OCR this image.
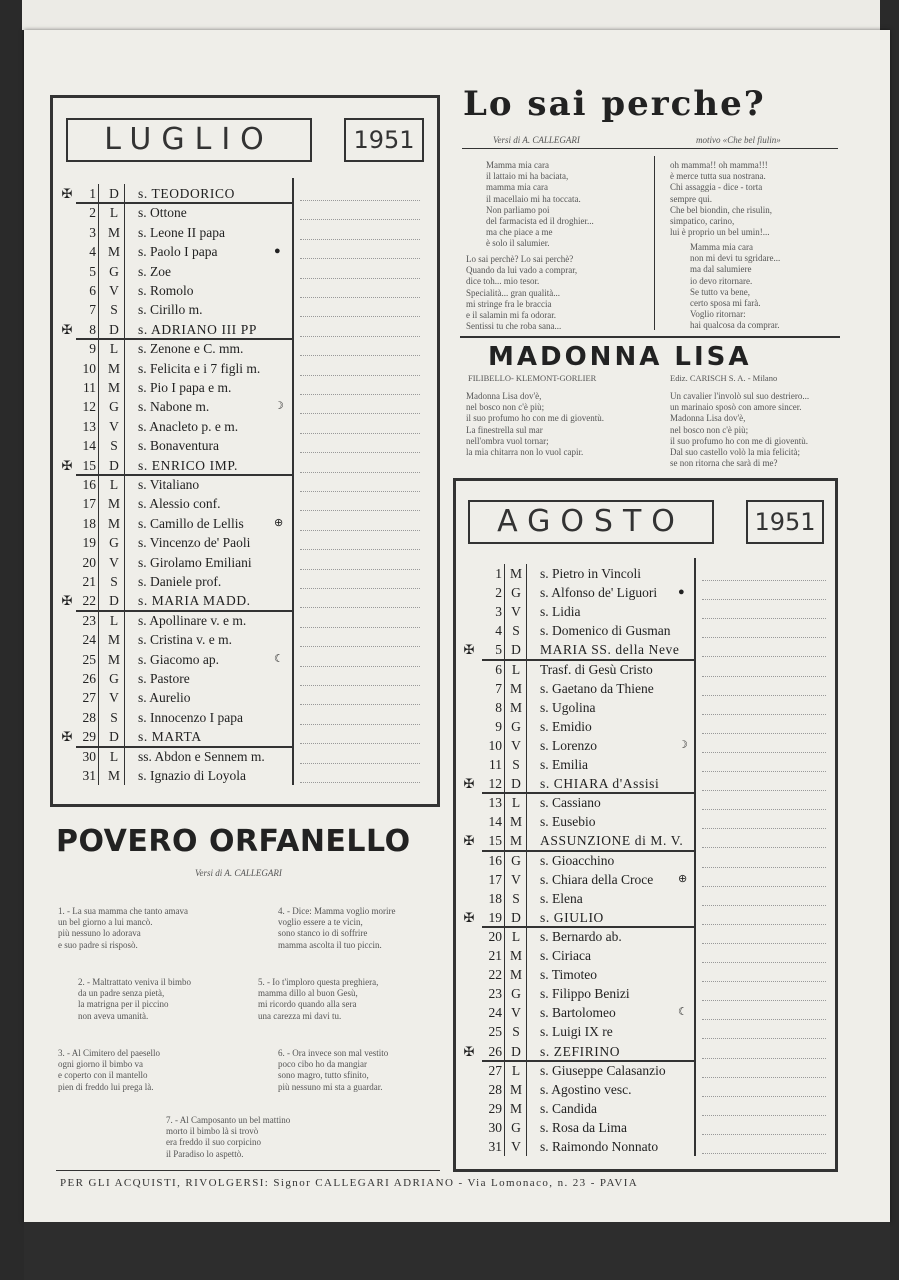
LUGLIO	1951
✠	1 D s. TEODORICO
2 L s. Ottone
3 M s. Leone II papa
4 M s. Paolo I papa	●
5 G s. Zoe
6 V s. Romolo
7	S	s. Cirillo m.
✠	8 D s. ADRIANO III PP
9 L s. Zenone e C. mm.
10 M s. Felicita e i 7 figli m.
11 M s. Pio I papa e m.
12 G s. Nabone m.	☽
13 V s. Anacleto p. e m.
14	S	s. Bonaventura
✠ 15 D s. ENRICO IMP.
16 L s. Vitaliano
17 M s. Alessio conf.
18 M s. Camillo de Lellis	⊕
19 G s. Vincenzo de' Paoli
20 V s. Girolamo Emiliani
21	S	s. Daniele prof.
✠ 22 D s. MARIA MADD.
23 L s. Apollinare v. e m.
24 M s. Cristina v. e m.
25 M s. Giacomo ap.	☾
26 G s. Pastore
27 V s. Aurelio
28	S	s. Innocenzo I papa
✠ 29 D s. MARTA
30 L ss. Abdon e Sennem m.
31 M s. Ignazio di Loyola
AGOSTO	1951
1 M s. Pietro in Vincoli
2 G s. Alfonso de' Liguori ●
3 V s. Lidia
4 S	s. Domenico di Gusman
✠	5 D MARIA SS. della Neve
6 L Trasf. di Gesù Cristo
7 M s. Gaetano da Thiene
8 M s. Ugolina
9 G s. Emidio
10 V s. Lorenzo	☽
11 S	s. Emilia
✠	12 D s. CHIARA d'Assisi
13 L s. Cassiano
14 M s. Eusebio
✠	15 M ASSUNZIONE di M. V.
16 G s. Gioacchino
17 V s. Chiara della Croce ⊕
18 S	s. Elena
✠	19 D s. GIULIO
20 L s. Bernardo ab.
21 M s. Ciriaca
22 M s. Timoteo
23 G s. Filippo Benizi
24 V s. Bartolomeo	☾
25 S	s. Luigi IX re
✠	26 D s. ZEFIRINO
27 L s. Giuseppe Calasanzio
28 M s. Agostino vesc.
29 M s. Candida
30 G s. Rosa da Lima
31 V s. Raimondo Nonnato
Lo sai perche?
Versi di A. CALLEGARI	motivo «Che bel fiulin»
Mamma mia cara
il lattaio mi ha baciata,
mamma mia cara
il macellaio mi ha toccata.
Non parliamo poi
del farmacista ed il droghier...
ma che piace a me
è solo il salumier.
Lo sai perchè? Lo sai perchè?
Quando da lui vado a comprar,
dice toh... mio tesor.
Specialità... gran qualità...
mi stringe fra le braccia
e il salamin mi fa odorar.
Sentissi tu che roba sana...
oh mamma!! oh mamma!!!
è merce tutta sua nostrana.
Chi assaggia - dice - torta
sempre qui.
Che bel biondin, che risulin,
simpatico, carino,
lui è proprio un bel umin!...
Mamma mia cara
non mi devi tu sgridare...
ma dal salumiere
io devo ritornare.
Se tutto va bene,
certo sposa mi farà.
Voglio ritornar:
hai qualcosa da comprar.
MADONNA LISA
FILIBELLO- KLEMONT-GORLIER	Ediz. CARISCH S. A. - Milano
Madonna Lisa dov'è,
nel bosco non c'è più;
il suo profumo ho con me di gioventù.
La finestrella sul mar
nell'ombra vuol tornar;
la mia chitarra non lo vuol capir.
Un cavalier l'involò sul suo destriero...
un marinaio sposò con amore sincer.
Madonna Lisa dov'è,
nel bosco non c'è più;
il suo profumo ho con me di gioventù.
Dal suo castello volò la mia felicità;
se non ritorna che sarà di me?
POVERO ORFANELLO
Versi di A. CALLEGARI
1. - La sua mamma che tanto amava
un bel giorno a lui mancò.
più nessuno lo adorava
e suo padre si risposò.
2. - Maltrattato veniva il bimbo
da un padre senza pietà,
la matrigna per il piccino
non aveva umanità.
3. - Al Cimitero del paesello
ogni giorno il bimbo va
e coperto con il mantello
pien di freddo lui prega là.
4. - Dice: Mamma voglio morire
voglio essere a te vicin,
sono stanco io di soffrire
mamma ascolta il tuo piccin.
5. - Io t'imploro questa preghiera,
mamma dillo al buon Gesù,
mi ricordo quando alla sera
una carezza mi davi tu.
6. - Ora invece son mal vestito
poco cibo ho da mangiar
sono magro, tutto sfinito,
più nessuno mi sta a guardar.
7. - Al Camposanto un bel mattino
morto il bimbo là si trovò
era freddo il suo corpicino
il Paradiso lo aspettò.
PER GLI ACQUISTI, RIVOLGERSI: Signor CALLEGARI ADRIANO - Via Lomonaco, n. 23 - PAVIA
